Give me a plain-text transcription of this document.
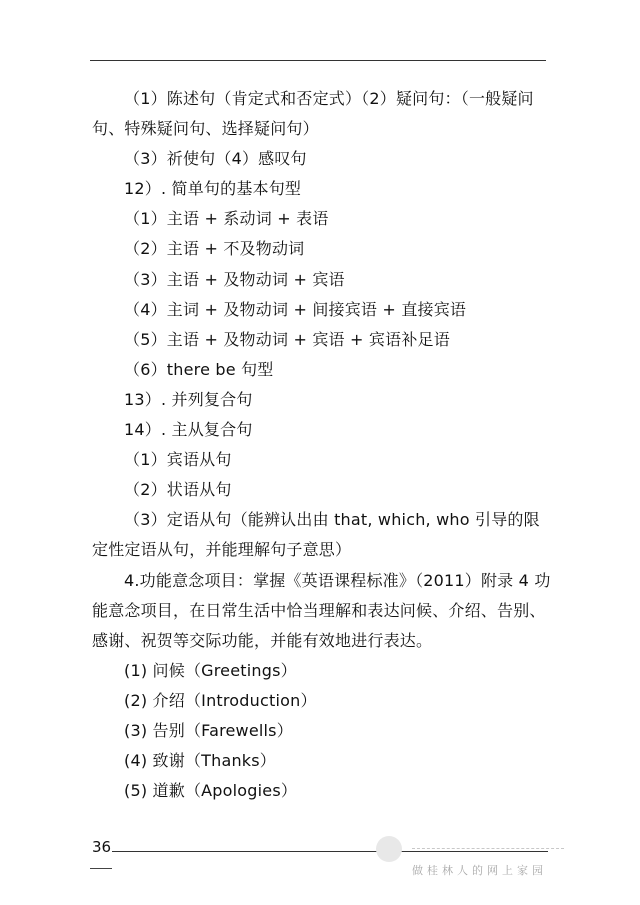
（1）陈述句（肯定式和否定式）（2）疑问句：（一般疑问句、特殊疑问句、选择疑问句）
（3）祈使句（4）感叹句
12）. 简单句的基本句型
（1）主语 + 系动词 + 表语
（2）主语 + 不及物动词
（3）主语 + 及物动词 + 宾语
（4）主词 + 及物动词 + 间接宾语 + 直接宾语
（5）主语 + 及物动词 + 宾语 + 宾语补足语
（6）there be 句型
13）. 并列复合句
14）. 主从复合句
（1）宾语从句
（2）状语从句
（3）定语从句（能辨认出由 that, which, who 引导的限定性定语从句，并能理解句子意思）
4.功能意念项目：掌握《英语课程标准》（2011）附录 4 功能意念项目，在日常生活中恰当理解和表达问候、介绍、告别、感谢、祝贺等交际功能，并能有效地进行表达。
(1) 问候（Greetings）
(2) 介绍（Introduction）
(3) 告别（Farewells）
(4) 致谢（Thanks）
(5) 道歉（Apologies）
36
做桂林人的网上家园
